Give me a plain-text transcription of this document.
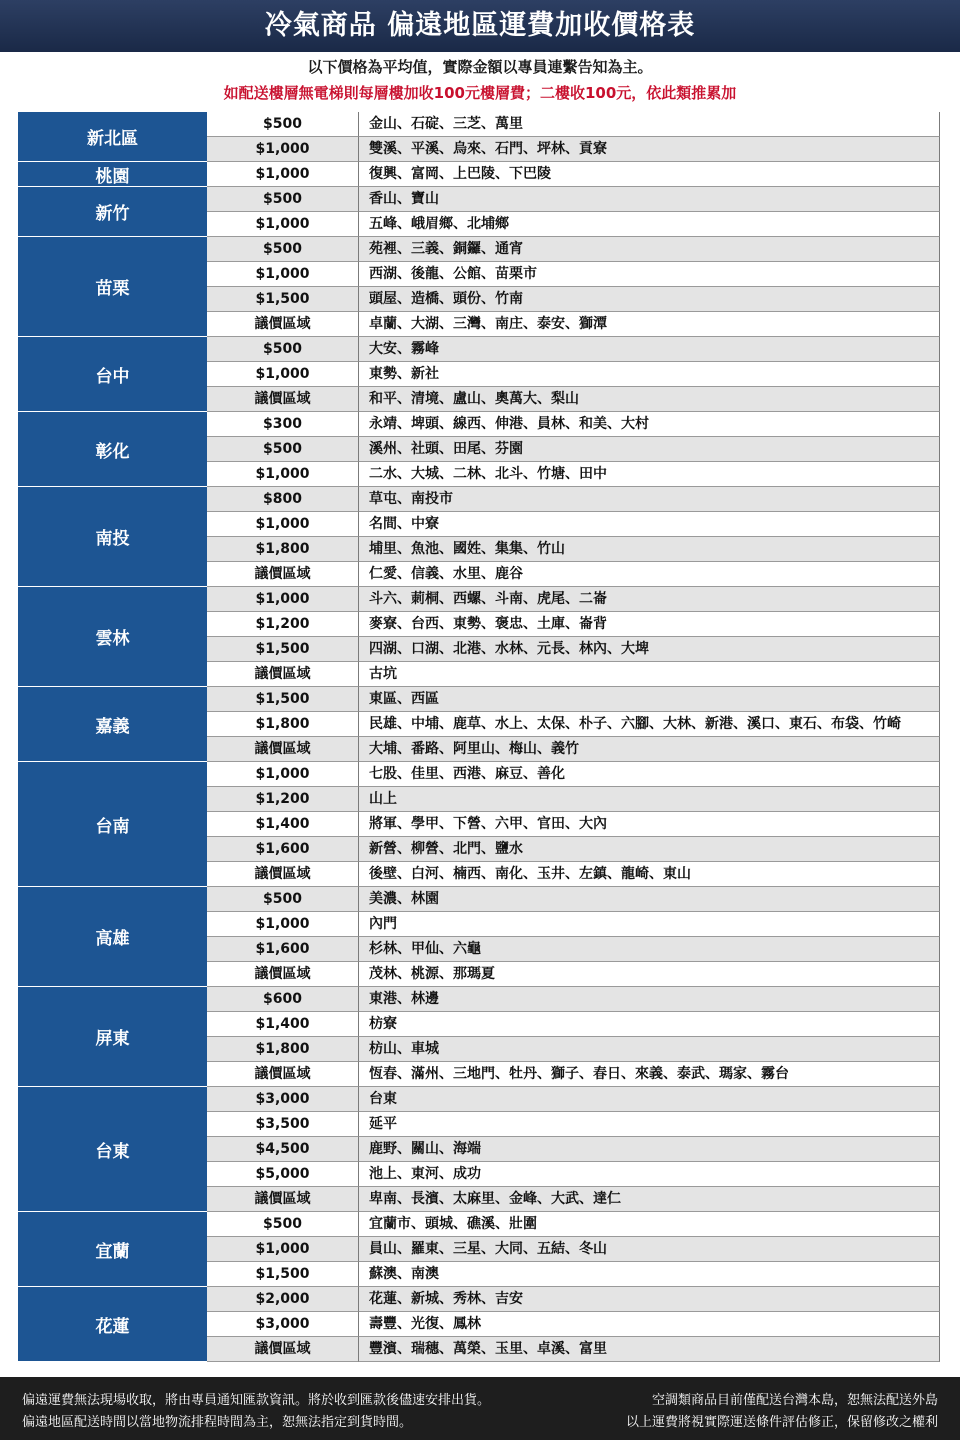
冷氣商品 偏遠地區運費加收價格表
以下價格為平均值，實際金額以專員連繫告知為主。
如配送樓層無電梯則每層樓加收100元樓層費；二樓收100元，依此類推累加
新北區
$500	金山、石碇、三芝、萬里
$1,000	雙溪、平溪、烏來、石門、坪林、貢寮
桃園	$1,000	復興、富岡、上巴陵、下巴陵
新竹
$500	香山、寶山
$1,000	五峰、峨眉鄉、北埔鄉
苗栗
$500	苑裡、三義、銅鑼、通宵
$1,000	西湖、後龍、公館、苗栗市
$1,500	頭屋、造橋、頭份、竹南
議價區域	卓蘭、大湖、三灣、南庄、泰安、獅潭
台中
$500	大安、霧峰
$1,000	東勢、新社
議價區域	和平、清境、盧山、奧萬大、梨山
彰化
$300	永靖、埤頭、線西、伸港、員林、和美、大村
$500	溪州、社頭、田尾、芬園
$1,000	二水、大城、二林、北斗、竹塘、田中
南投
$800	草屯、南投市
$1,000	名間、中寮
$1,800	埔里、魚池、國姓、集集、竹山
議價區域	仁愛、信義、水里、鹿谷
雲林
$1,000	斗六、莿桐、西螺、斗南、虎尾、二崙
$1,200	麥寮、台西、東勢、褒忠、土庫、崙背
$1,500	四湖、口湖、北港、水林、元長、林內、大埤
議價區域	古坑
嘉義
$1,500	東區、西區
$1,800	民雄、中埔、鹿草、水上、太保、朴子、六腳、大林、新港、溪口、東石、布袋、竹崎
議價區域	大埔、番路、阿里山、梅山、義竹
台南
$1,000	七股、佳里、西港、麻豆、善化
$1,200	山上
$1,400	將軍、學甲、下營、六甲、官田、大內
$1,600	新營、柳營、北門、鹽水
議價區域	後壁、白河、楠西、南化、玉井、左鎮、龍崎、東山
高雄
$500	美濃、林園
$1,000	內門
$1,600	杉林、甲仙、六龜
議價區域	茂林、桃源、那瑪夏
屏東
$600	東港、林邊
$1,400	枋寮
$1,800	枋山、車城
議價區域	恆春、滿州、三地門、牡丹、獅子、春日、來義、泰武、瑪家、霧台
台東
$3,000	台東
$3,500	延平
$4,500	鹿野、關山、海端
$5,000	池上、東河、成功
議價區域	卑南、長濱、太麻里、金峰、大武、達仁
宜蘭
$500	宜蘭市、頭城、礁溪、壯圍
$1,000	員山、羅東、三星、大同、五結、冬山
$1,500	蘇澳、南澳
花蓮
$2,000	花蓮、新城、秀林、吉安
$3,000	壽豐、光復、鳳林
議價區域	豐濱、瑞穗、萬榮、玉里、卓溪、富里
偏遠運費無法現場收取，將由專員通知匯款資訊。將於收到匯款後儘速安排出貨。
偏遠地區配送時間以當地物流排程時間為主，恕無法指定到貨時間。
空調類商品目前僅配送台灣本島，恕無法配送外島
以上運費將視實際運送條件評估修正，保留修改之權利
